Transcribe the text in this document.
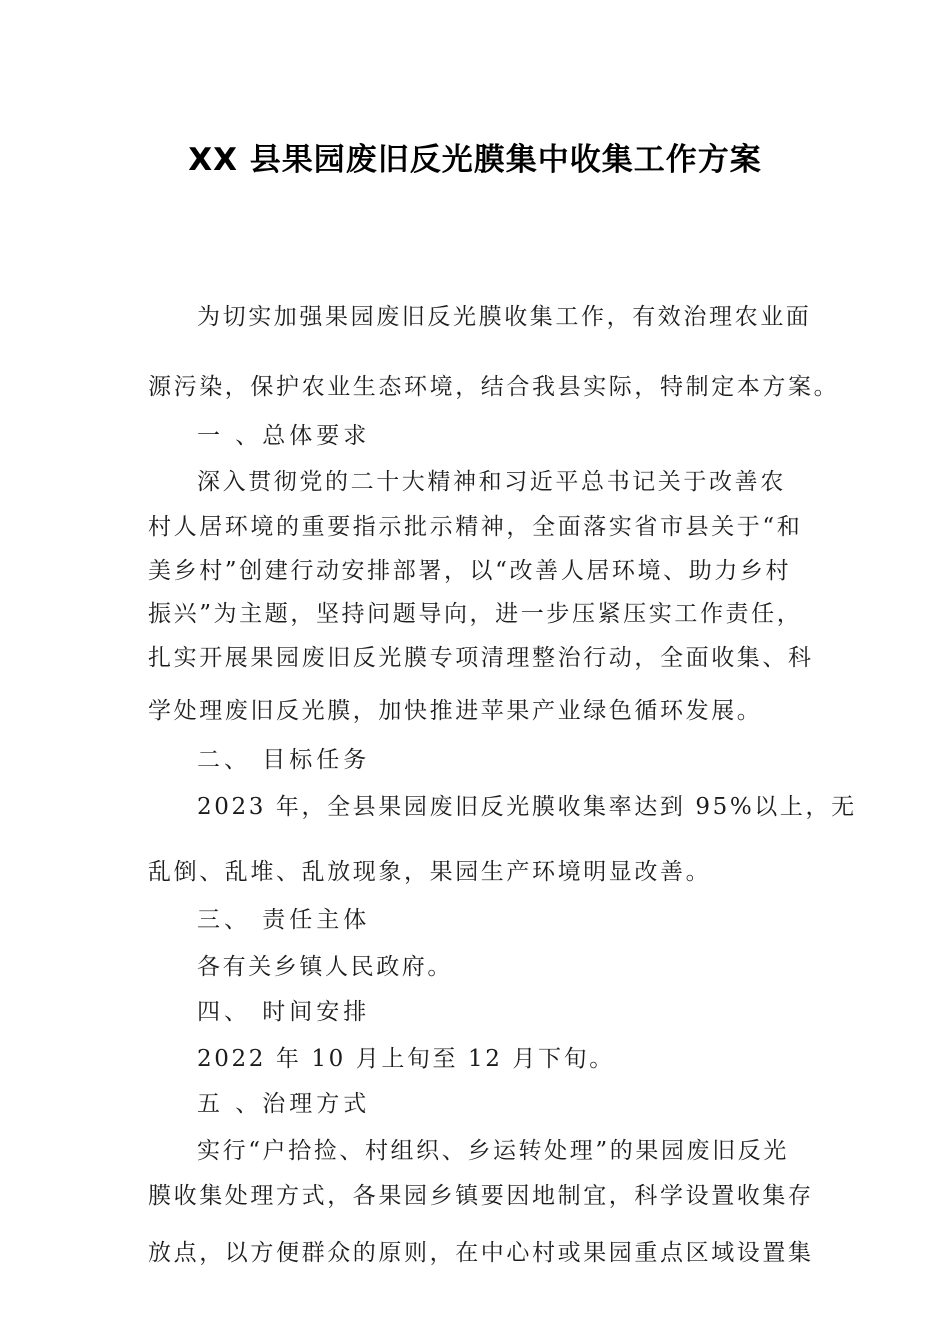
XX 县果园废旧反光膜集中收集工作方案
为切实加强果园废旧反光膜收集工作，有效治理农业面
源污染，保护农业生态环境，结合我县实际，特制定本方案。
一 、总体要求
深入贯彻党的二十大精神和习近平总书记关于改善农
村人居环境的重要指示批示精神，全面落实省市县关于“和
美乡村”创建行动安排部署，以“改善人居环境、助力乡村
振兴”为主题，坚持问题导向，进一步压紧压实工作责任，
扎实开展果园废旧反光膜专项清理整治行动，全面收集、科
学处理废旧反光膜，加快推进苹果产业绿色循环发展。
二、 目标任务
2023 年，全县果园废旧反光膜收集率达到 95%以上，无
乱倒、乱堆、乱放现象，果园生产环境明显改善。
三、 责任主体
各有关乡镇人民政府。
四、 时间安排
2022 年 10 月上旬至 12 月下旬。
五 、治理方式
实行“户拾捡、村组织、乡运转处理”的果园废旧反光
膜收集处理方式，各果园乡镇要因地制宜，科学设置收集存
放点，以方便群众的原则，在中心村或果园重点区域设置集
